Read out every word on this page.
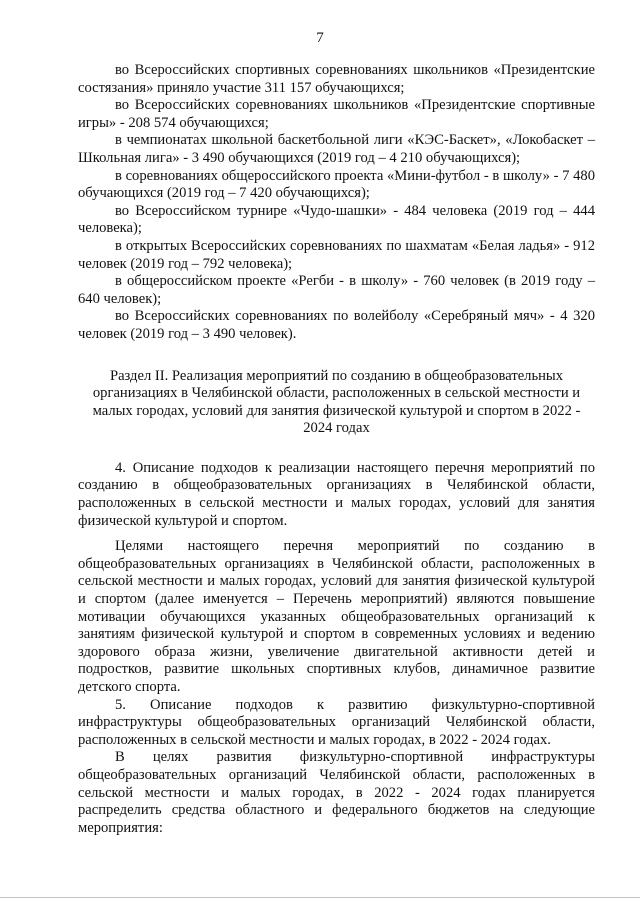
7

во Всероссийских спортивных соревнованиях школьников «Президентские состязания» приняло участие 311 157 обучающихся;

во Всероссийских соревнованиях школьников «Президентские спортивные игры» - 208 574 обучающихся;

в чемпионатах школьной баскетбольной лиги «КЭС-Баскет», «Локобаскет – Школьная лига» - 3 490 обучающихся (2019 год – 4 210 обучающихся);

в соревнованиях общероссийского проекта «Мини-футбол - в школу» - 7 480 обучающихся (2019 год – 7 420 обучающихся);

во Всероссийском турнире «Чудо-шашки» - 484 человека (2019 год – 444 человека);

в открытых Всероссийских соревнованиях по шахматам «Белая ладья» - 912 человек (2019 год – 792 человека);

в общероссийском проекте «Регби - в школу» - 760 человек (в 2019 году – 640 человек);

во Всероссийских соревнованиях по волейболу «Серебряный мяч» - 4 320 человек (2019 год – 3 490 человек).

Раздел II. Реализация мероприятий по созданию в общеобразовательных организациях в Челябинской области, расположенных в сельской местности и малых городах, условий для занятия физической культурой и спортом в 2022 - 2024 годах

4. Описание подходов к реализации настоящего перечня мероприятий по созданию в общеобразовательных организациях в Челябинской области, расположенных в сельской местности и малых городах, условий для занятия физической культурой и спортом.

Целями настоящего перечня мероприятий по созданию в общеобразовательных организациях в Челябинской области, расположенных в сельской местности и малых городах, условий для занятия физической культурой и спортом (далее именуется – Перечень мероприятий) являются повышение мотивации обучающихся указанных общеобразовательных организаций к занятиям физической культурой и спортом в современных условиях и ведению здорового образа жизни, увеличение двигательной активности детей и подростков, развитие школьных спортивных клубов, динамичное развитие детского спорта.

5. Описание подходов к развитию физкультурно-спортивной инфраструктуры общеобразовательных организаций Челябинской области, расположенных в сельской местности и малых городах, в 2022 - 2024 годах.

В целях развития физкультурно-спортивной инфраструктуры общеобразовательных организаций Челябинской области, расположенных в сельской местности и малых городах, в 2022 - 2024 годах планируется распределить средства областного и федерального бюджетов на следующие мероприятия:
